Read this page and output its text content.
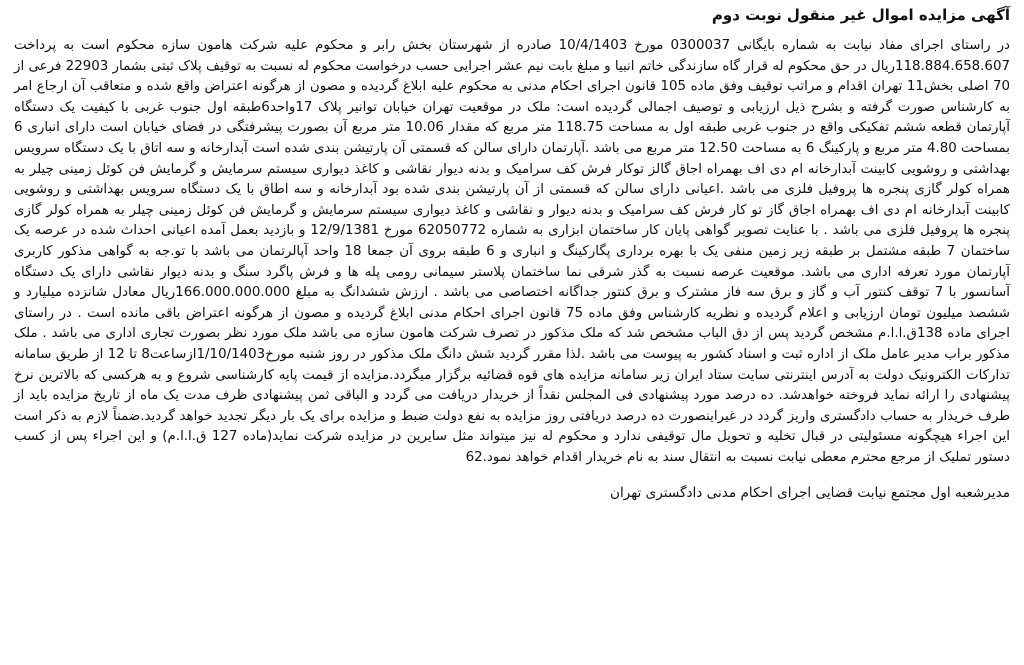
آگهی مزایده اموال غیر منقول نوبت دوم

در راستای اجرای مفاد نیابت به شماره بایگانی 0300037 مورخ 10/4/1403 صادره از شهرستان بخش رابر و محکوم علیه شرکت هامون سازه محکوم است به پرداخت 118.884.658.607ریال در حق محکوم له قرار گاه سازندگی خاتم انبیا و مبلغ بابت نیم عشر اجرایی حسب درخواست محکوم له نسبت به توقیف پلاک ثبتی بشمار 22903 فرعی از 70 اصلی بخش11 تهران اقدام و مراتب توقیف وفق ماده 105 قانون اجرای احکام مدنی به محکوم علیه ابلاغ گردیده و مصون از هرگونه اعتراض واقع شده و متعاقب آن ارجاع امر به کارشناس صورت گرفته و بشرح ذیل ارزیابی و توصیف اجمالی گردیده است: ملک در موقعیت تهران خیابان توانیر پلاک 17واحد6طبقه اول جنوب غربی با کیفیت یک دستگاه آپارتمان قطعه ششم تفکیکی واقع در جنوب غربی طبقه اول به مساحت 118.75 متر مربع که مقدار 10.06 متر مربع آن بصورت پیشرفتگی در فضای خیابان است دارای انباری 6 بمساحت 4.80 متر مربع و پارکینگ 6 به مساحت 12.50 متر مربع می باشد .آپارتمان دارای سالن که قسمتی آن پارتیشن بندی شده است آبدارخانه و سه اتاق با یک دستگاه سرویس بهداشتی و روشویی کابینت آبدارخانه ام دی اف بهمراه اجاق گالز توکار فرش کف سرامیک و بدنه دیوار نقاشی و کاغذ دیواری سیستم سرمایش و گرمایش فن کوئل زمینی چیلر به همراه کولر گازی پنجره ها پروفیل فلزی می باشد .اعیانی دارای سالن که قسمتی از آن پارتیشن بندی شده بود آبدارخانه و سه اطاق با یک دستگاه سرویس بهداشتی و روشویی کابینت آبدارخانه ام دی اف بهمراه اجاق گاز تو کار فرش کف سرامیک و بدنه دیوار و نقاشی و کاغذ دیواری سیستم سرمایش و گرمایش فن کوئل زمینی چیلر به همراه کولر گازی پنجره ها پروفیل فلزی می باشد . با عنایت تصویر گواهی پایان کار ساختمان ابزاری به شماره 62050772 مورخ 12/9/1381 و بازدید بعمل آمده اعیانی احداث شده در عرصه یک ساختمان 7 طبقه مشتمل بر طبقه زیر زمین منفی یک با بهره برداری پگارکینگ و انباری و 6 طبقه بروی آن جمعا 18 واحد آپالرتمان می باشد با تو.جه به گواهی مذکور کاربری آپارتمان مورد تعرفه اداری می باشد. موقعیت عرصه نسبت به گذر شرقی نما ساختمان پلاستر سیمانی رومی پله ها و فرش پاگرد سنگ و بدنه دیوار نقاشی دارای یک دستگاه آسانسور با 7 توقف کنتور آب و گاز و برق سه فاز مشترک و برق کنتور جداگانه اختصاصی می باشد . ارزش ششدانگ به مبلغ 166.000.000.000ریال معادل شانزده میلیارد و ششصد میلیون تومان ارزیابی و اعلام گردیده و نظریه کارشناس وفق ماده 75 قانون اجرای احکام مدنی ابلاغ گردیده و مصون از هرگونه اعتراض باقی مانده است . در راستای اجرای ماده 138ق.ا.ا.م مشخص گردید پس از دق الباب مشخص شد که ملک مذکور در تصرف شرکت هامون سازه می باشد ملک مورد نظر بصورت تجاری اداری می باشد . ملک مذکور براب مدیر عامل ملک از اداره ثبت و اسناد کشور به پیوست می باشد .لذا مقرر گردید شش دانگ ملک مذکور در روز شنبه مورخ1/10/1403ازساعت8 تا 12 از طریق سامانه تدارکات الکترونیک دولت به آدرس اینترنتی سایت ستاد ایران زیر سامانه مزایده های قوه قضائیه برگزار میگردد.مزایده از قیمت پایه کارشناسی شروع و به هرکسی که بالاترین نرخ پیشنهادی را ارائه نماید فروخته خواهدشد. ده درصد مورد پیشنهادی فی المجلس نقداً از خریدار دریافت می گردد و الباقی ثمن پیشنهادی ظرف مدت یک ماه از تاریخ مزایده باید از طرف خریدار به حساب دادگستری واریز گردد در غیراینصورت ده درصد دریافتی روز مزایده به نفع دولت ضبط و مزایده برای یک بار دیگر تجدید خواهد گردید.ضمناً لازم به ذکر است این اجراء هیچگونه مسئولیتی در قبال تخلیه و تحویل مال توقیفی ندارد و محکوم له نیز میتواند مثل سایرین در مزایده شرکت نماید(ماده 127 ق.ا.ا.م) و این اجراء پس از کسب دستور تملیک از مرجع محترم معطی نیابت نسبت به انتقال سند به نام خریدار اقدام خواهد نمود.62

مدیرشعبه اول مجتمع نیابت قضایی اجرای احکام مدنی دادگستری تهران
